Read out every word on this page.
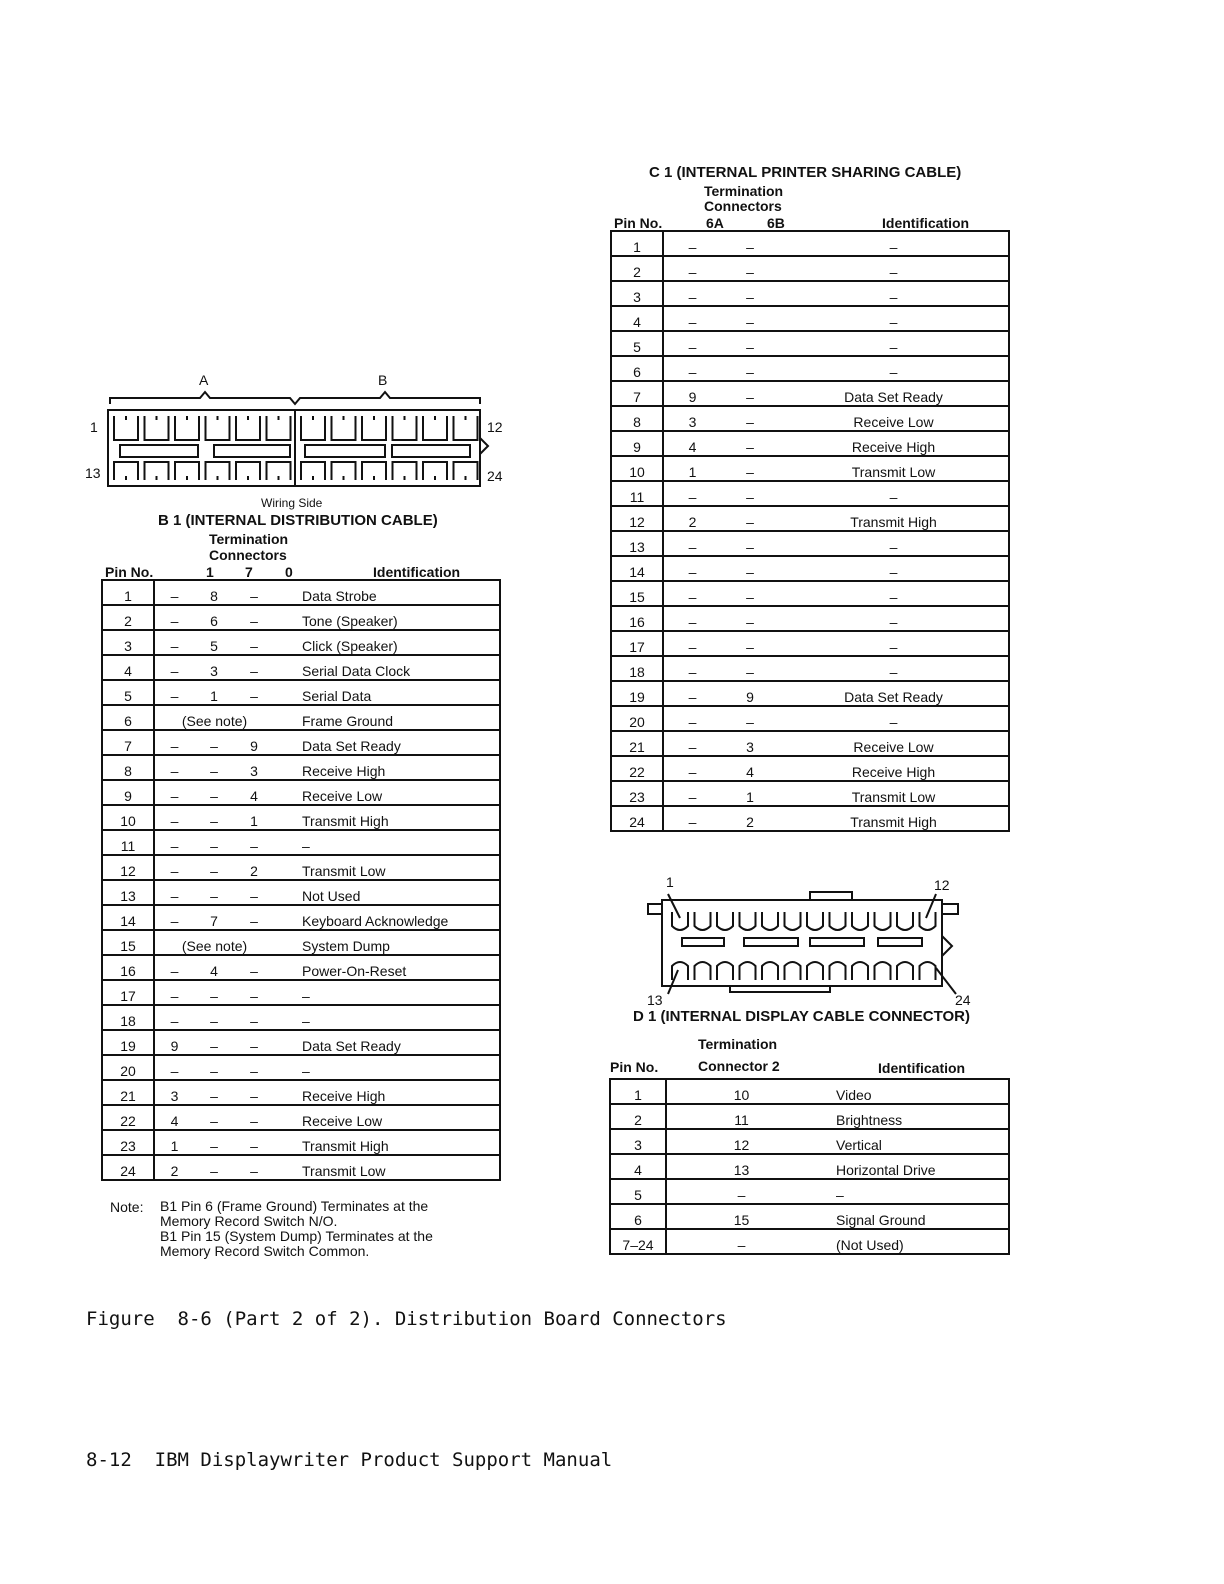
A	B
1	12
13	24
Wiring Side
B 1 (INTERNAL DISTRIBUTION CABLE)
Termination
Connectors
Pin No.	1 7 0	Identification
1	–	8	–	Data Strobe
2	–	6	–	Tone (Speaker)
3	–	5	–	Click (Speaker)
4	–	3	–	Serial Data Clock
5	–	1	–	Serial Data
6	(See note)			Frame Ground
7	–	–	9	Data Set Ready
8	–	–	3	Receive High
9	–	–	4	Receive Low
10	–	–	1	Transmit High
11	–	–	–	–
12	–	–	2	Transmit Low
13	–	–	–	Not Used
14	–	7	–	Keyboard Acknowledge
15	(See note)			System Dump
16	–	4	–	Power-On-Reset
17	–	–	–	–
18	–	–	–	–
19	9	–	–	Data Set Ready
20	–	–	–	–
21	3	–	–	Receive High
22	4	–	–	Receive Low
23	1	–	–	Transmit High
24	2	–	–	Transmit Low
Note: B1 Pin 6 (Frame Ground) Terminates at the
Memory Record Switch N/O.
B1 Pin 15 (System Dump) Terminates at the
Memory Record Switch Common.
C 1 (INTERNAL PRINTER SHARING CABLE)
Termination
Connectors
Pin No.	6A	6B	Identification
1	–	–	–
2	–	–	–
3	–	–	–
4	–	–	–
5	–	–	–
6	–	–	–
7	9	–	Data Set Ready
8	3	–	Receive Low
9	4	–	Receive High
10	1	–	Transmit Low
11	–	–	–
12	2	–	Transmit High
13	–	–	–
14	–	–	–
15	–	–	–
16	–	–	–
17	–	–	–
18	–	–	–
19	–	9	Data Set Ready
20	–	–	–
21	–	3	Receive Low
22	–	4	Receive High
23	–	1	Transmit Low
24	–	2	Transmit High
1	12
13	24
D 1 (INTERNAL DISPLAY CABLE CONNECTOR)
Termination
Pin No.	Connector 2	Identification
1	10	Video
2	11	Brightness
3	12	Vertical
4	13	Horizontal Drive
5	–	–
6	15	Signal Ground
7–24	–	(Not Used)
Figure  8-6 (Part 2 of 2). Distribution Board Connectors
8-12  IBM Displaywriter Product Support Manual
